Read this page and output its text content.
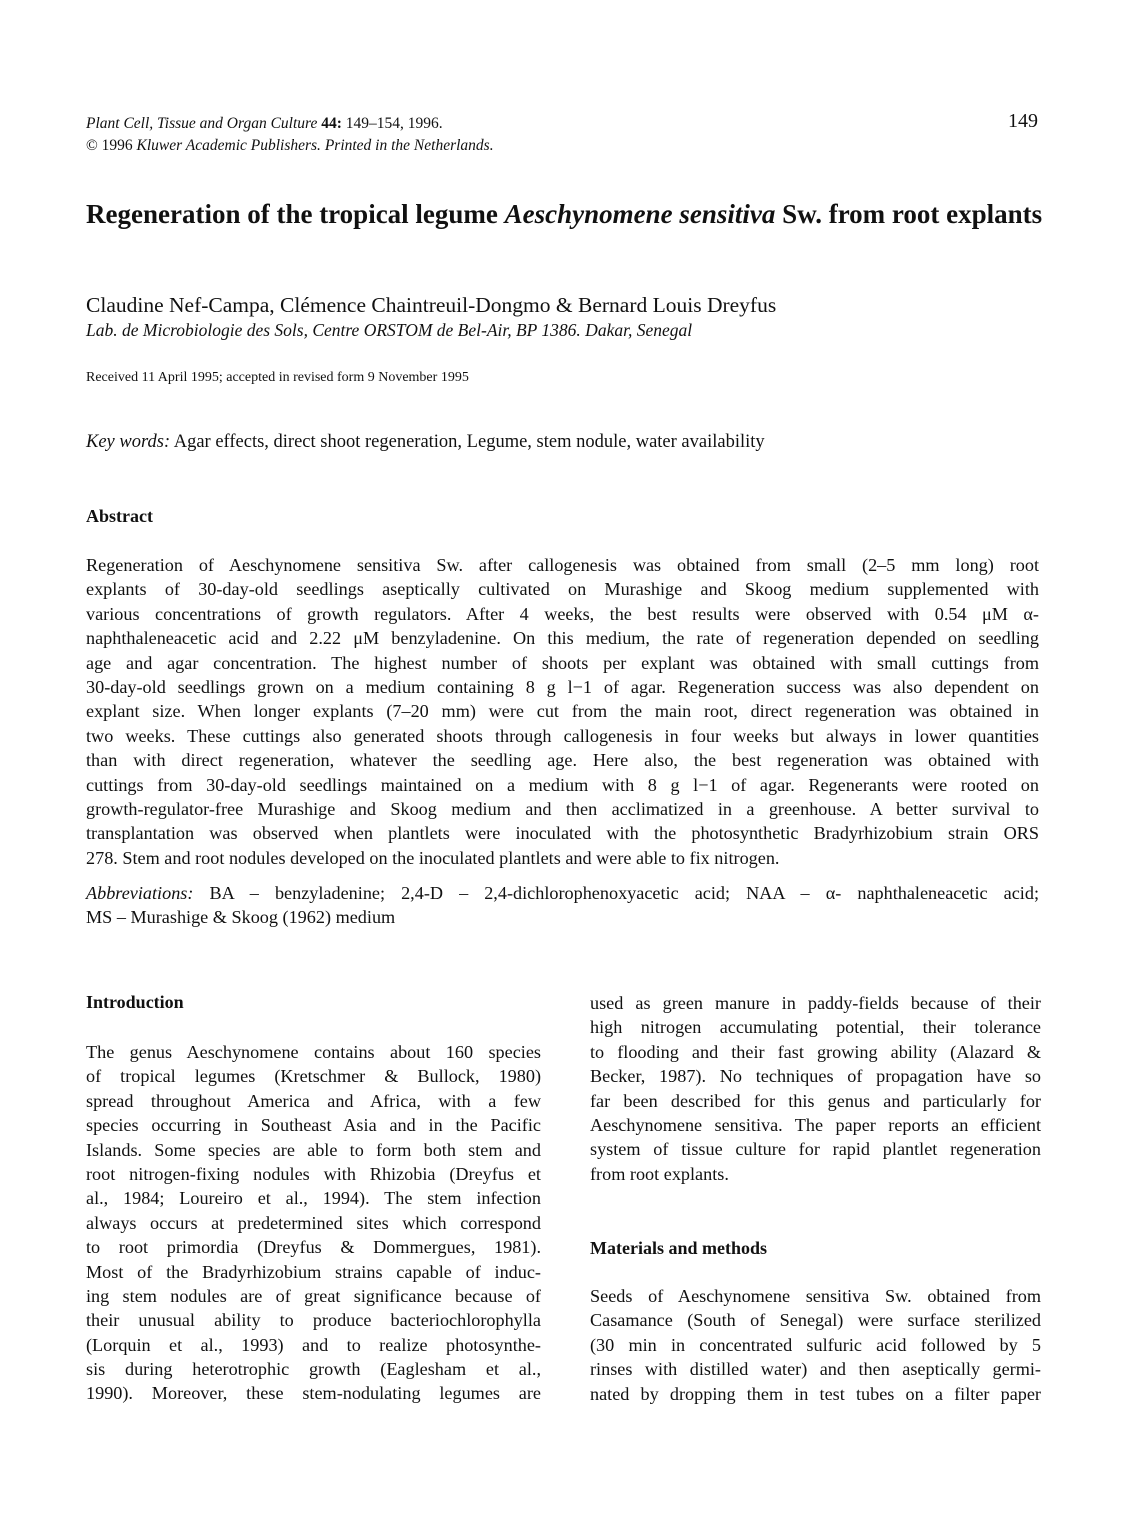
Plant Cell, Tissue and Organ Culture 44: 149–154, 1996.
© 1996 Kluwer Academic Publishers. Printed in the Netherlands.
149
Regeneration of the tropical legume Aeschynomene sensitiva Sw. from root explants
Claudine Nef-Campa, Clémence Chaintreuil-Dongmo & Bernard Louis Dreyfus
Lab. de Microbiologie des Sols, Centre ORSTOM de Bel-Air, BP 1386. Dakar, Senegal
Received 11 April 1995; accepted in revised form 9 November 1995
Key words: Agar effects, direct shoot regeneration, Legume, stem nodule, water availability
Abstract
Regeneration of Aeschynomene sensitiva Sw. after callogenesis was obtained from small (2–5 mm long) root
explants of 30-day-old seedlings aseptically cultivated on Murashige and Skoog medium supplemented with
various concentrations of growth regulators. After 4 weeks, the best results were observed with 0.54 μM α-
naphthaleneacetic acid and 2.22 μM benzyladenine. On this medium, the rate of regeneration depended on seedling
age and agar concentration. The highest number of shoots per explant was obtained with small cuttings from
30-day-old seedlings grown on a medium containing 8 g l−1 of agar. Regeneration success was also dependent on
explant size. When longer explants (7–20 mm) were cut from the main root, direct regeneration was obtained in
two weeks. These cuttings also generated shoots through callogenesis in four weeks but always in lower quantities
than with direct regeneration, whatever the seedling age. Here also, the best regeneration was obtained with
cuttings from 30-day-old seedlings maintained on a medium with 8 g l−1 of agar. Regenerants were rooted on
growth-regulator-free Murashige and Skoog medium and then acclimatized in a greenhouse. A better survival to
transplantation was observed when plantlets were inoculated with the photosynthetic Bradyrhizobium strain ORS
278. Stem and root nodules developed on the inoculated plantlets and were able to fix nitrogen.
Abbreviations: BA – benzyladenine; 2,4-D – 2,4-dichlorophenoxyacetic acid; NAA – α- naphthaleneacetic acid;
MS – Murashige & Skoog (1962) medium
Introduction
The genus Aeschynomene contains about 160 species
of tropical legumes (Kretschmer & Bullock, 1980)
spread throughout America and Africa, with a few
species occurring in Southeast Asia and in the Pacific
Islands. Some species are able to form both stem and
root nitrogen-fixing nodules with Rhizobia (Dreyfus et
al., 1984; Loureiro et al., 1994). The stem infection
always occurs at predetermined sites which correspond
to root primordia (Dreyfus & Dommergues, 1981).
Most of the Bradyrhizobium strains capable of induc-
ing stem nodules are of great significance because of
their unusual ability to produce bacteriochlorophylla
(Lorquin et al., 1993) and to realize photosynthe-
sis during heterotrophic growth (Eaglesham et al.,
1990). Moreover, these stem-nodulating legumes are
used as green manure in paddy-fields because of their
high nitrogen accumulating potential, their tolerance
to flooding and their fast growing ability (Alazard &
Becker, 1987). No techniques of propagation have so
far been described for this genus and particularly for
Aeschynomene sensitiva. The paper reports an efficient
system of tissue culture for rapid plantlet regeneration
from root explants.
Materials and methods
Seeds of Aeschynomene sensitiva Sw. obtained from
Casamance (South of Senegal) were surface sterilized
(30 min in concentrated sulfuric acid followed by 5
rinses with distilled water) and then aseptically germi-
nated by dropping them in test tubes on a filter paper
